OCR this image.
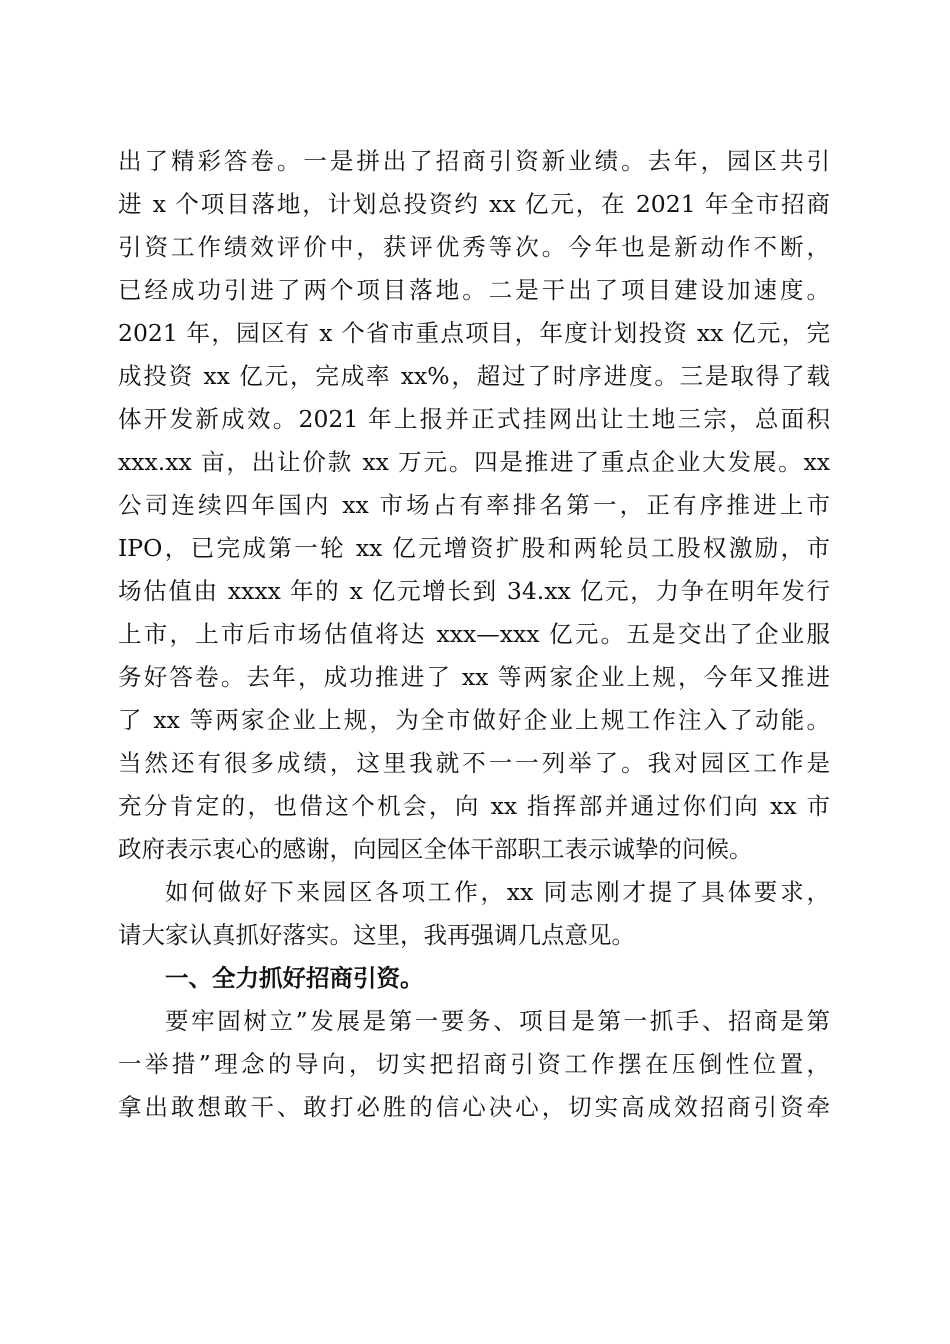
出了精彩答卷。一是拼出了招商引资新业绩。去年，园区共引
进 x 个项目落地，计划总投资约 xx 亿元，在 2021 年全市招商
引资工作绩效评价中，获评优秀等次。今年也是新动作不断，
已经成功引进了两个项目落地。二是干出了项目建设加速度。
2021 年，园区有 x 个省市重点项目，年度计划投资 xx 亿元，完
成投资 xx 亿元，完成率 xx%，超过了时序进度。三是取得了载
体开发新成效。2021 年上报并正式挂网出让土地三宗，总面积
xxx.xx 亩，出让价款 xx 万元。四是推进了重点企业大发展。xx
公司连续四年国内 xx 市场占有率排名第一，正有序推进上市
IPO，已完成第一轮 xx 亿元增资扩股和两轮员工股权激励，市
场估值由 xxxx 年的 x 亿元增长到 34.xx 亿元，力争在明年发行
上市，上市后市场估值将达 xxx—xxx 亿元。五是交出了企业服
务好答卷。去年，成功推进了 xx 等两家企业上规，今年又推进
了 xx 等两家企业上规，为全市做好企业上规工作注入了动能。
当然还有很多成绩，这里我就不一一列举了。我对园区工作是
充分肯定的，也借这个机会，向 xx 指挥部并通过你们向 xx 市
政府表示衷心的感谢，向园区全体干部职工表示诚挚的问候。
如何做好下来园区各项工作，xx 同志刚才提了具体要求，
请大家认真抓好落实。这里，我再强调几点意见。
一、全力抓好招商引资。
要牢固树立”发展是第一要务、项目是第一抓手、招商是第
一举措”理念的导向，切实把招商引资工作摆在压倒性位置，
拿出敢想敢干、敢打必胜的信心决心，切实高成效招商引资牵
